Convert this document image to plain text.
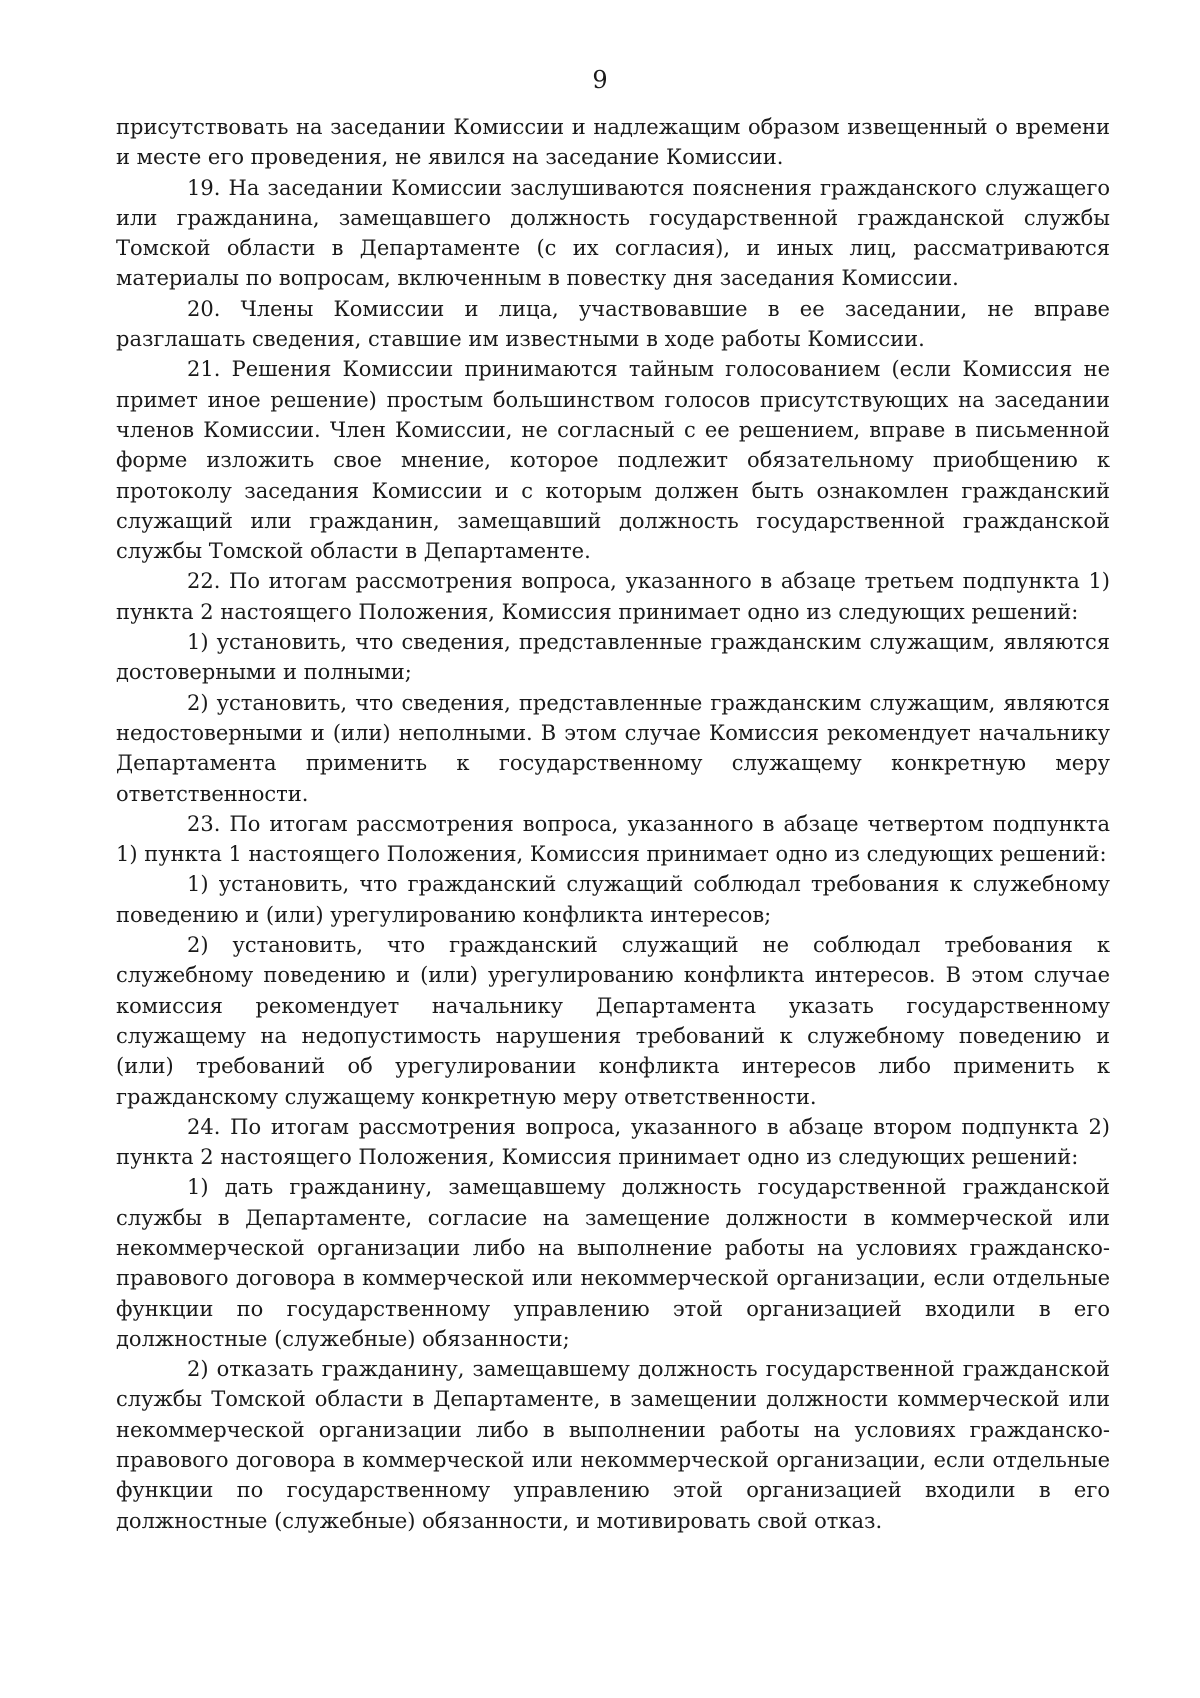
9

присутствовать на заседании Комиссии и надлежащим образом извещенный о времени и месте его проведения, не явился на заседание Комиссии.

19. На заседании Комиссии заслушиваются пояснения гражданского служащего или гражданина, замещавшего должность государственной гражданской службы Томской области в Департаменте (с их согласия), и иных лиц, рассматриваются материалы по вопросам, включенным в повестку дня заседания Комиссии.

20. Члены Комиссии и лица, участвовавшие в ее заседании, не вправе разглашать сведения, ставшие им известными в ходе работы Комиссии.

21. Решения Комиссии принимаются тайным голосованием (если Комиссия не примет иное решение) простым большинством голосов присутствующих на заседании членов Комиссии. Член Комиссии, не согласный с ее решением, вправе в письменной форме изложить свое мнение, которое подлежит обязательному приобщению к протоколу заседания Комиссии и с которым должен быть ознакомлен гражданский служащий или гражданин, замещавший должность государственной гражданской службы Томской области в Департаменте.

22. По итогам рассмотрения вопроса, указанного в абзаце третьем подпункта 1) пункта 2 настоящего Положения, Комиссия принимает одно из следующих решений:

1) установить, что сведения, представленные гражданским служащим, являются достоверными и полными;

2) установить, что сведения, представленные гражданским служащим, являются недостоверными и (или) неполными. В этом случае Комиссия рекомендует начальнику Департамента применить к государственному служащему конкретную меру ответственности.

23. По итогам рассмотрения вопроса, указанного в абзаце четвертом подпункта 1) пункта 1 настоящего Положения, Комиссия принимает одно из следующих решений:

1) установить, что гражданский служащий соблюдал требования к служебному поведению и (или) урегулированию конфликта интересов;

2) установить, что гражданский служащий не соблюдал требования к служебному поведению и (или) урегулированию конфликта интересов. В этом случае комиссия рекомендует начальнику Департамента указать государственному служащему на недопустимость нарушения требований к служебному поведению и (или) требований об урегулировании конфликта интересов либо применить к гражданскому служащему конкретную меру ответственности.

24. По итогам рассмотрения вопроса, указанного в абзаце втором подпункта 2) пункта 2 настоящего Положения, Комиссия принимает одно из следующих решений:

1) дать гражданину, замещавшему должность государственной гражданской службы в Департаменте, согласие на замещение должности в коммерческой или некоммерческой организации либо на выполнение работы на условиях гражданско-правового договора в коммерческой или некоммерческой организации, если отдельные функции по государственному управлению этой организацией входили в его должностные (служебные) обязанности;

2) отказать гражданину, замещавшему должность государственной гражданской службы Томской области в Департаменте, в замещении должности коммерческой или некоммерческой организации либо в выполнении работы на условиях гражданско-правового договора в коммерческой или некоммерческой организации, если отдельные функции по государственному управлению этой организацией входили в его должностные (служебные) обязанности, и мотивировать свой отказ.
